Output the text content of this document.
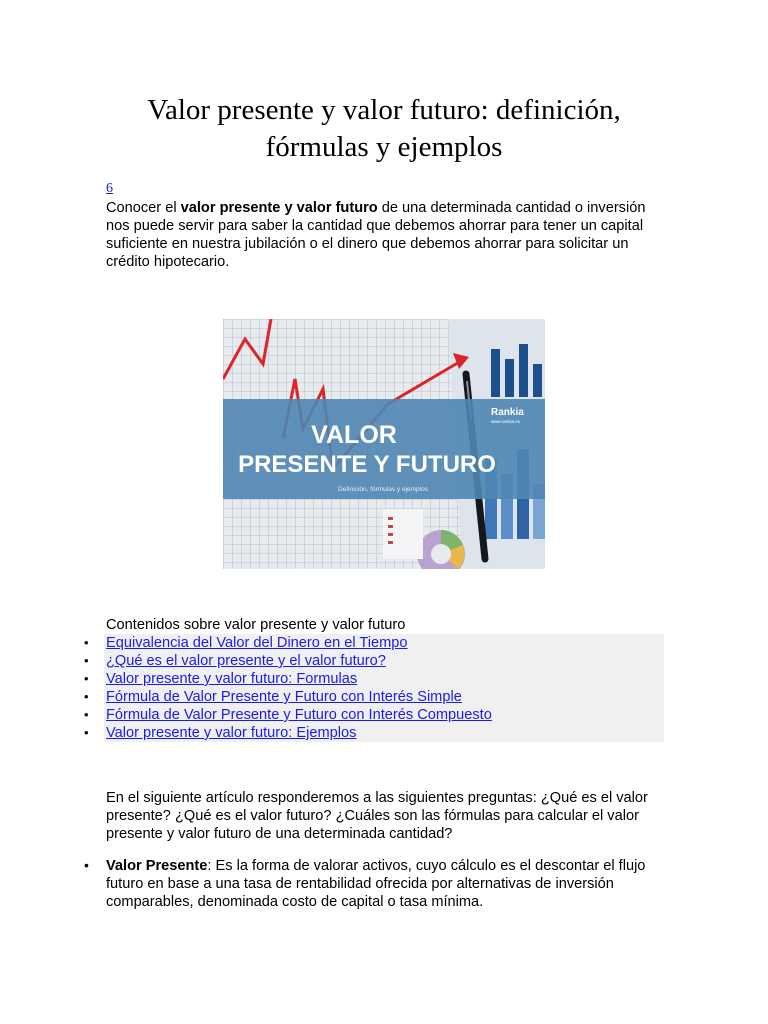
Valor presente y valor futuro: definición, fórmulas y ejemplos
6

Conocer el valor presente y valor futuro de una determinada cantidad o inversión nos puede servir para saber la cantidad que debemos ahorrar para tener un capital suficiente en nuestra jubilación o el dinero que debemos ahorrar para solicitar un crédito hipotecario.

VALOR
PRESENTE Y FUTURO
Definición, fórmulas y ejemplos
Rankia
www.rankia.es
Contenidos sobre valor presente y valor futuro
• Equivalencia del Valor del Dinero en el Tiempo
• ¿Qué es el valor presente y el valor futuro?
• Valor presente y valor futuro: Formulas
• Fórmula de Valor Presente y Futuro con Interés Simple
• Fórmula de Valor Presente y Futuro con Interés Compuesto
• Valor presente y valor futuro: Ejemplos

En el siguiente artículo responderemos a las siguientes preguntas: ¿Qué es el valor presente? ¿Qué es el valor futuro? ¿Cuáles son las fórmulas para calcular el valor presente y valor futuro de una determinada cantidad?

• Valor Presente: Es la forma de valorar activos, cuyo cálculo es el descontar el flujo futuro en base a una tasa de rentabilidad ofrecida por alternativas de inversión comparables, denominada costo de capital o tasa mínima.
